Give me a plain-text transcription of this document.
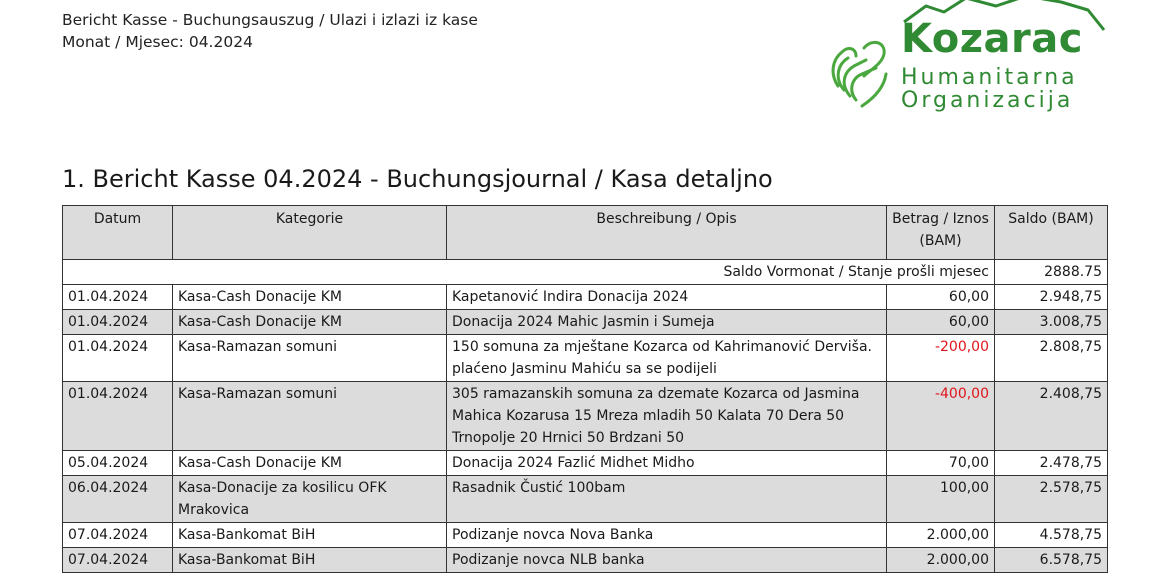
Bericht Kasse - Buchungsauszug / Ulazi i izlazi iz kase
Monat / Mjesec: 04.2024	Kozarac
Humanitarna
Organizacija
1. Bericht Kasse 04.2024 - Buchungsjournal / Kasa detaljno
Datum	Kategorie	Beschreibung / Opis	Betrag / Iznos (BAM)	Saldo (BAM)
Saldo Vormonat / Stanje prošli mjesec				2888.75
01.04.2024	Kasa-Cash Donacije KM	Kapetanović Indira Donacija 2024	60,00	2.948,75
01.04.2024	Kasa-Cash Donacije KM	Donacija 2024 Mahic Jasmin i Sumeja	60,00	3.008,75
01.04.2024	Kasa-Ramazan somuni	150 somuna za mještane Kozarca od Kahrimanović Derviša. plaćeno Jasminu Mahiću sa se podijeli	-200,00	2.808,75
01.04.2024	Kasa-Ramazan somuni	305 ramazanskih somuna za dzemate Kozarca od Jasmina Mahica Kozarusa 15 Mreza mladih 50 Kalata 70 Dera 50 Trnopolje 20 Hrnici 50 Brdzani 50	-400,00	2.408,75
05.04.2024	Kasa-Cash Donacije KM	Donacija 2024 Fazlić Midhet Midho	70,00	2.478,75
06.04.2024	Kasa-Donacije za kosilicu OFK Mrakovica	Rasadnik Čustić 100bam	100,00	2.578,75
07.04.2024	Kasa-Bankomat BiH	Podizanje novca Nova Banka	2.000,00	4.578,75
07.04.2024	Kasa-Bankomat BiH	Podizanje novca NLB banka	2.000,00	6.578,75
